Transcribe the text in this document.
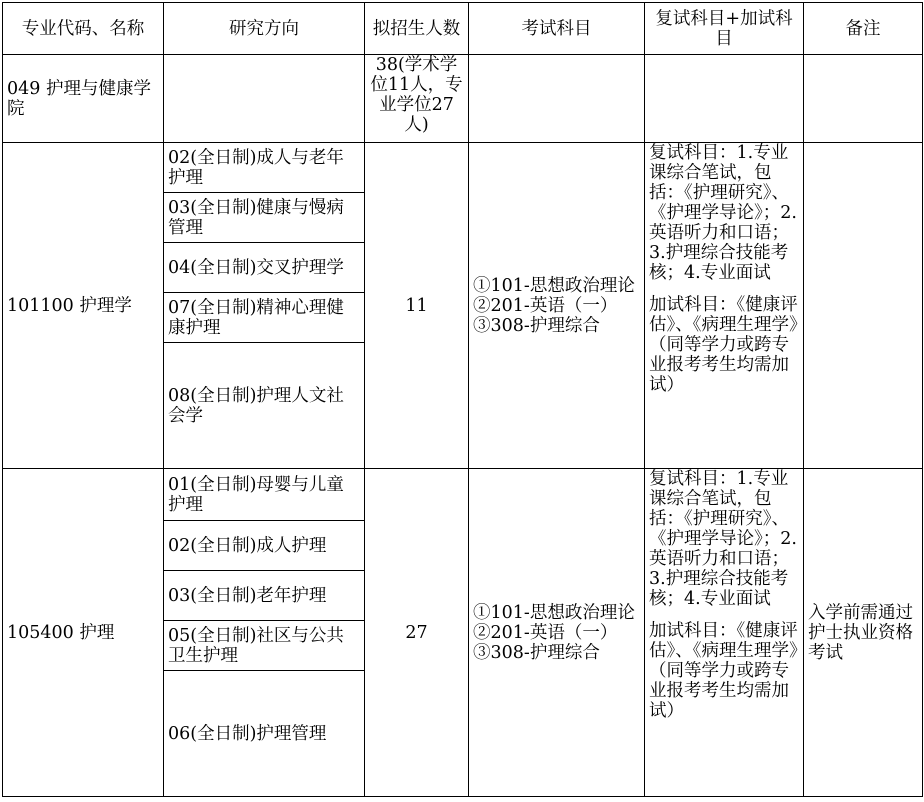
专业代码、名称	研究方向	拟招生人数	考试科目	复试科目+加试科目	备注
049 护理与健康学院		38(学术学位11人，专业学位27人)			
101100 护理学	02(全日制)成人与老年护理	11	①101-思想政治理论
②201-英语（一）
③308-护理综合	复试科目：1.专业课综合笔试，包括：《护理研究》、《护理学导论》；2.英语听力和口语；3.护理综合技能考核；4.专业面试
加试科目：《健康评估》、《病理生理学》（同等学力或跨专业报考考生均需加试）	

	03(全日制)健康与慢病管理				
	04(全日制)交叉护理学				
	07(全日制)精神心理健康护理				
	08(全日制)护理人文社会学				
105400 护理	01(全日制)母婴与儿童护理	27	①101-思想政治理论
②201-英语（一）
③308-护理综合	复试科目：1.专业课综合笔试，包括：《护理研究》、《护理学导论》；2.英语听力和口语；3.护理综合技能考核；4.专业面试
加试科目：《健康评估》、《病理生理学》（同等学力或跨专业报考考生均需加试）	入学前需通过护士执业资格考试
	02(全日制)成人护理				
	03(全日制)老年护理				
	05(全日制)社区与公共卫生护理				
	06(全日制)护理管理				
